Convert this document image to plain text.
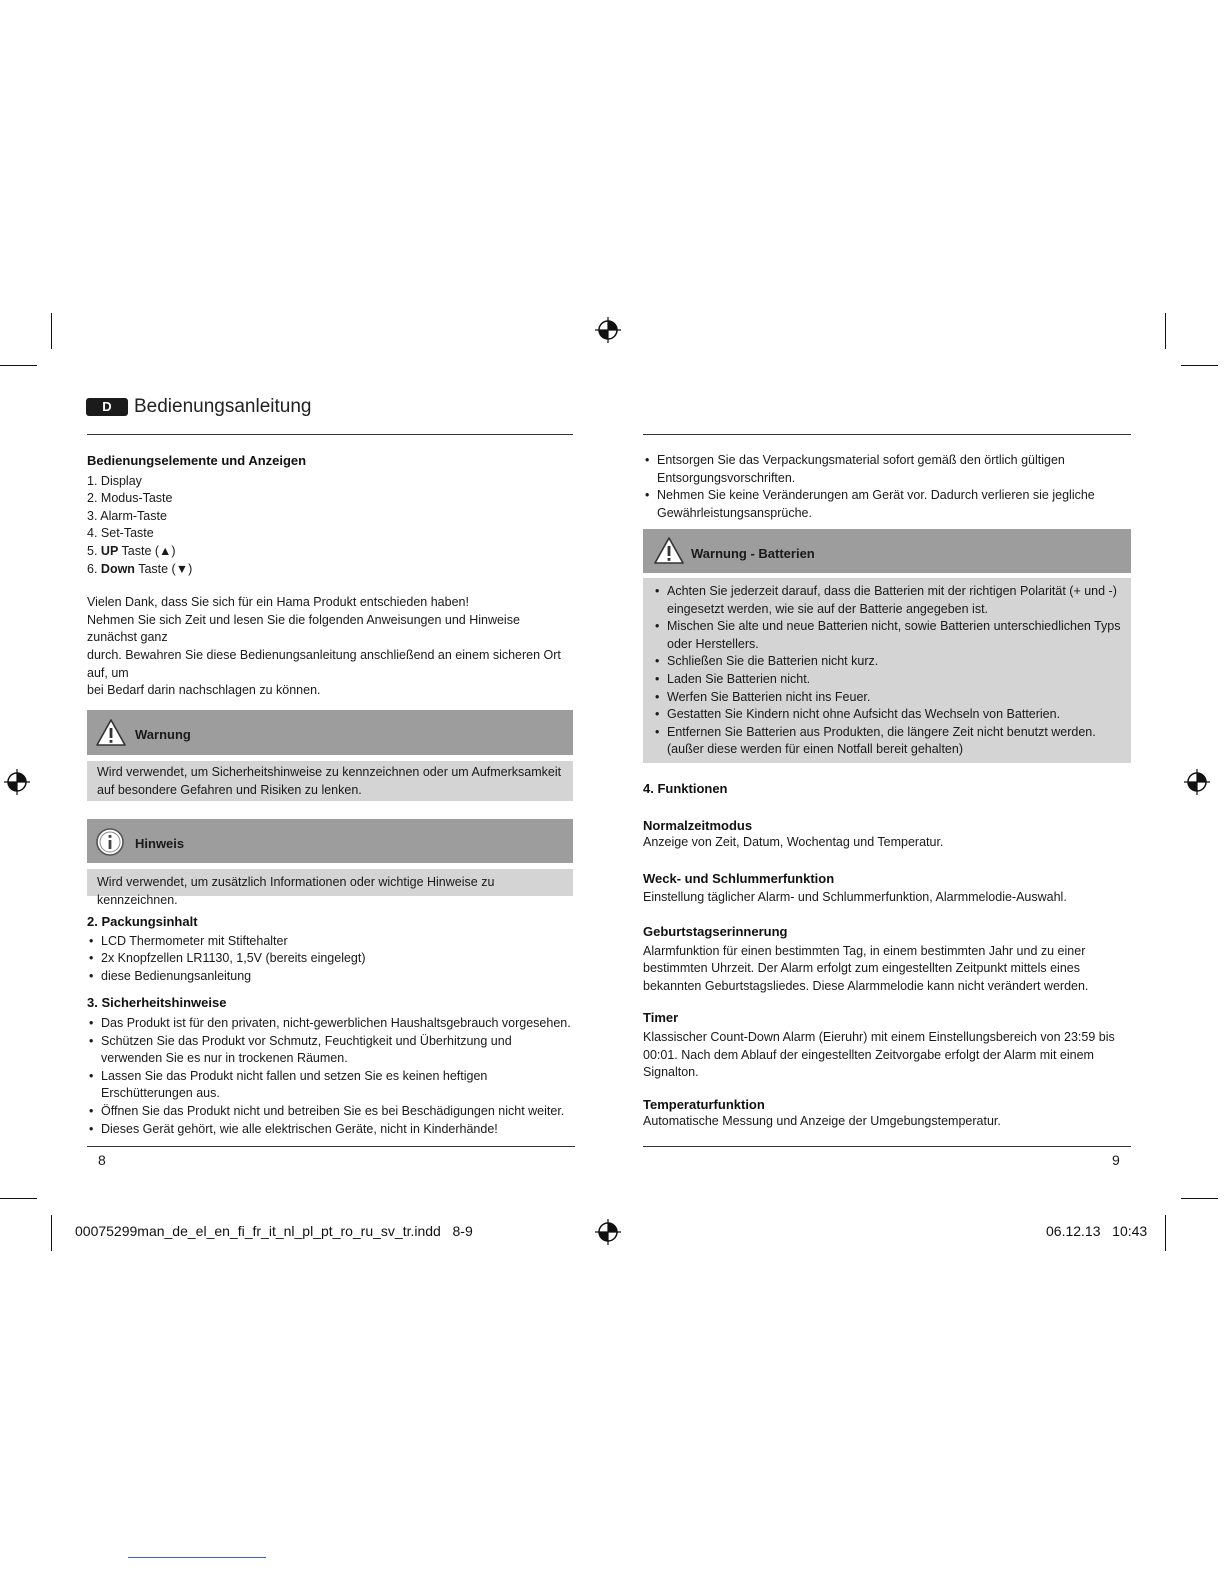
D	Bedienungsanleitung

Bedienungselemente und Anzeigen

1. Display
2. Modus-Taste
3. Alarm-Taste
4. Set-Taste
5. UP Taste (▲)
6. Down Taste (▼)

Vielen Dank, dass Sie sich für ein Hama Produkt entschieden haben!

Nehmen Sie sich Zeit und lesen Sie die folgenden Anweisungen und Hinweise zunächst ganz

durch. Bewahren Sie diese Bedienungsanleitung anschließend an einem sicheren Ort auf, um

bei Bedarf darin nachschlagen zu können.

Warnung

Wird verwendet, um Sicherheitshinweise zu kennzeichnen oder um Aufmerksamkeit

auf besondere Gefahren und Risiken zu lenken.

Hinweis

Wird verwendet, um zusätzlich Informationen oder wichtige Hinweise zu kennzeichnen.

2. Packungsinhalt

• LCD Thermometer mit Stiftehalter
• 2x Knopfzellen LR1130, 1,5V (bereits eingelegt)
• diese Bedienungsanleitung

3. Sicherheitshinweise

• Das Produkt ist für den privaten, nicht-gewerblichen Haushaltsgebrauch vorgesehen.
• Schützen Sie das Produkt vor Schmutz, Feuchtigkeit und Überhitzung und verwenden Sie es nur in trockenen Räumen.
• Lassen Sie das Produkt nicht fallen und setzen Sie es keinen heftigen Erschütterungen aus.
• Öffnen Sie das Produkt nicht und betreiben Sie es bei Beschädigungen nicht weiter.
• Dieses Gerät gehört, wie alle elektrischen Geräte, nicht in Kinderhände!
8
• Entsorgen Sie das Verpackungsmaterial sofort gemäß den örtlich gültigen Entsorgungsvorschriften.
• Nehmen Sie keine Veränderungen am Gerät vor. Dadurch verlieren sie jegliche Gewährleistungsansprüche.
Warnung - Batterien
• Achten Sie jederzeit darauf, dass die Batterien mit der richtigen Polarität (+ und -) eingesetzt werden, wie sie auf der Batterie angegeben ist.
• Mischen Sie alte und neue Batterien nicht, sowie Batterien unterschiedlichen Typs oder Herstellers.
• Schließen Sie die Batterien nicht kurz.
• Laden Sie Batterien nicht.
• Werfen Sie Batterien nicht ins Feuer.
• Gestatten Sie Kindern nicht ohne Aufsicht das Wechseln von Batterien.
• Entfernen Sie Batterien aus Produkten, die längere Zeit nicht benutzt werden. (außer diese werden für einen Notfall bereit gehalten)

4. Funktionen

Normalzeitmodus

Anzeige von Zeit, Datum, Wochentag und Temperatur.

Weck- und Schlummerfunktion

Einstellung täglicher Alarm- und Schlummerfunktion, Alarmmelodie-Auswahl.

Geburtstagserinnerung

Alarmfunktion für einen bestimmten Tag, in einem bestimmten Jahr und zu einer bestimmten Uhrzeit. Der Alarm erfolgt zum eingestellten Zeitpunkt mittels eines bekannten Geburtstagsliedes. Diese Alarmmelodie kann nicht verändert werden.

Timer

Klassischer Count-Down Alarm (Eieruhr) mit einem Einstellungsbereich von 23:59 bis 00:01. Nach dem Ablauf der eingestellten Zeitvorgabe erfolgt der Alarm mit einem Signalton.

Temperaturfunktion

Automatische Messung und Anzeige der Umgebungstemperatur.

9
00075299man_de_el_en_fi_fr_it_nl_pl_pt_ro_ru_sv_tr.indd   8-9	06.12.13 10:43
